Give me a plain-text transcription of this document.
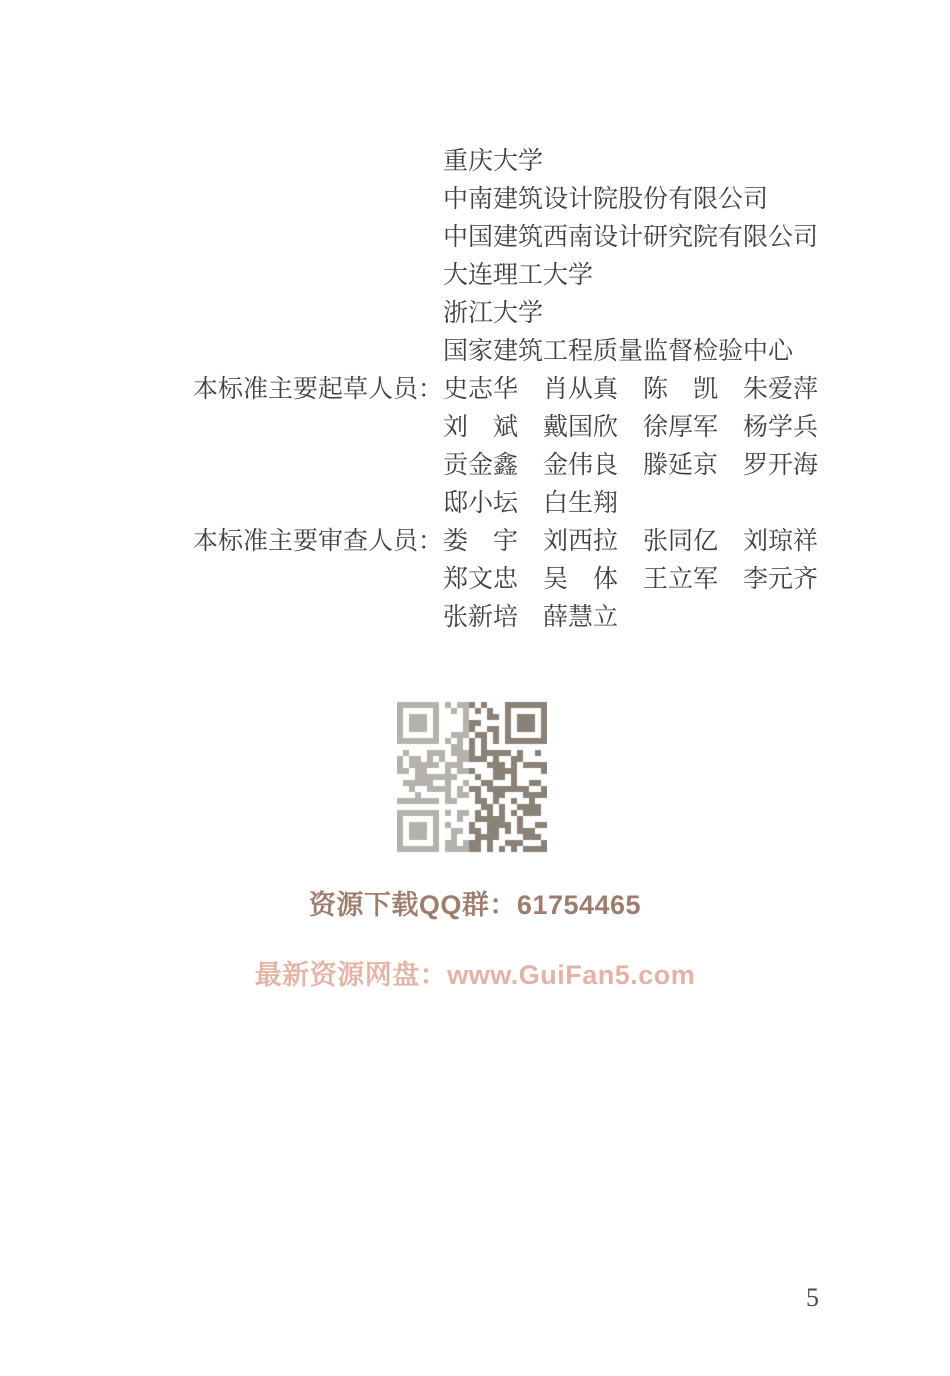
重庆大学
中南建筑设计院股份有限公司
中国建筑西南设计研究院有限公司
大连理工大学
浙江大学
国家建筑工程质量监督检验中心
本标准主要起草人员：史志华 肖从真 陈　凯 朱爱萍
刘　斌 戴国欣 徐厚军 杨学兵
贡金鑫 金伟良 滕延京 罗开海
邸小坛 白生翔
本标准主要审查人员：娄　宇 刘西拉 张同亿 刘琼祥
郑文忠 吴　体 王立军 李元齐
张新培 薛慧立
资源下载QQ群：61754465
最新资源网盘：www.GuiFan5.com
5
